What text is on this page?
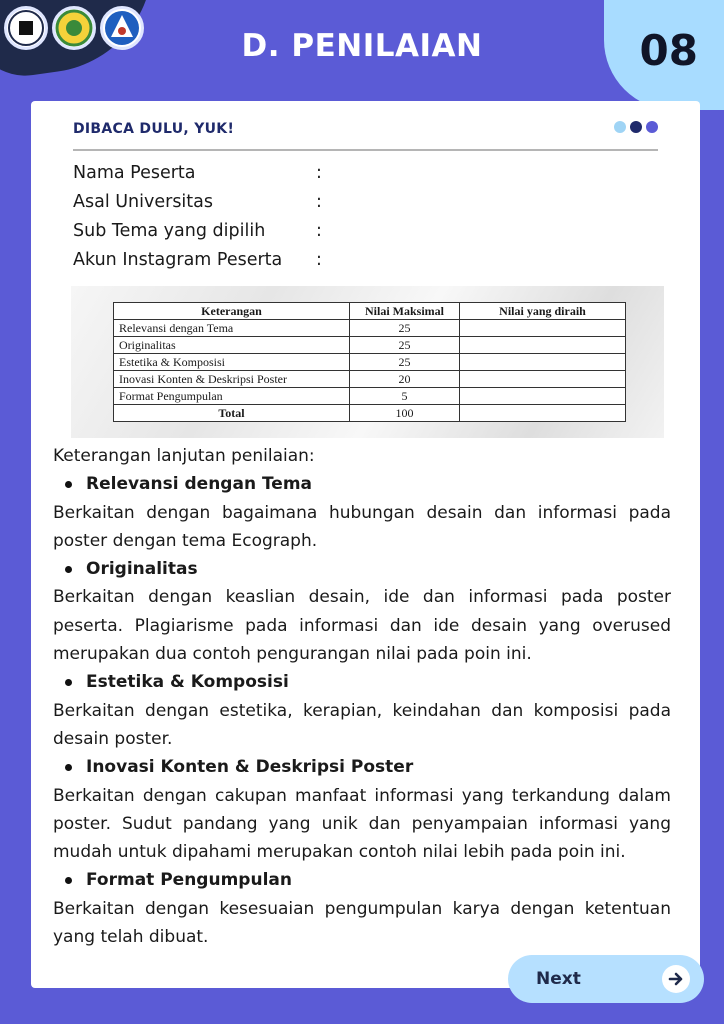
D. PENILAIAN	08
DIBACA DULU, YUK!
Nama Peserta	:
Asal Universitas	:
Sub Tema yang dipilih	:
Akun Instagram Peserta	:
Keterangan	Nilai Maksimal	Nilai yang diraih
Relevansi dengan Tema	25	
Originalitas	25	
Estetika & Komposisi	25	
Inovasi Konten & Deskripsi Poster	20	
Format Pengumpulan	5	
Total	100	

Keterangan lanjutan penilaian:

Relevansi dengan Tema

Berkaitan dengan bagaimana hubungan desain dan informasi pada poster dengan tema Ecograph.

Originalitas

Berkaitan dengan keaslian desain, ide dan informasi pada poster peserta. Plagiarisme pada informasi dan ide desain yang overused merupakan dua contoh pengurangan nilai pada poin ini.

Estetika & Komposisi

Berkaitan dengan estetika, kerapian, keindahan dan komposisi pada desain poster.

Inovasi Konten & Deskripsi Poster

Berkaitan dengan cakupan manfaat informasi yang terkandung dalam poster. Sudut pandang yang unik dan penyampaian informasi yang mudah untuk dipahami merupakan contoh nilai lebih pada poin ini.

Format Pengumpulan

Berkaitan dengan kesesuaian pengumpulan karya dengan ketentuan yang telah dibuat.

Next
